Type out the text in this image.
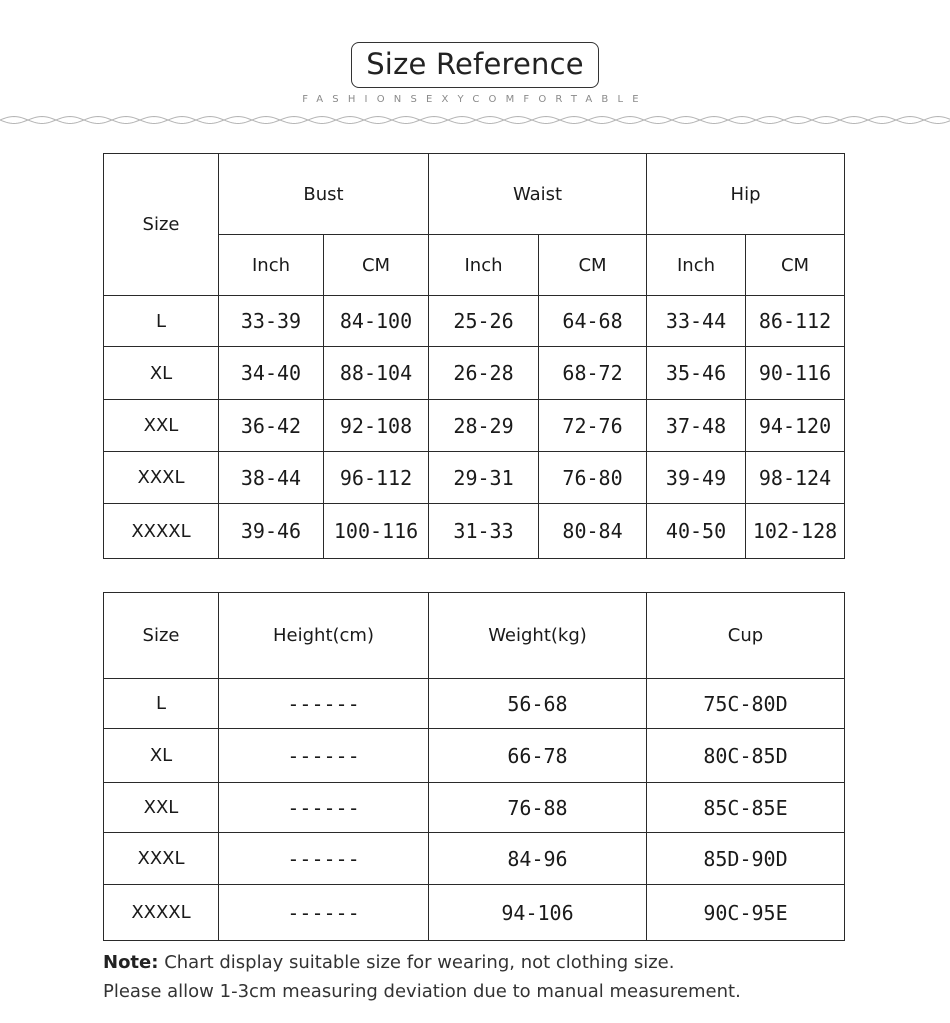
Size Reference
FASHIONSEXYCOMFORTABLE
Size	Bust		Waist		Hip	
	Inch	CM	Inch	CM	Inch	CM
L	33-39	84-100	25-26	64-68	33-44	86-112
XL	34-40	88-104	26-28	68-72	35-46	90-116
XXL	36-42	92-108	28-29	72-76	37-48	94-120
XXXL	38-44	96-112	29-31	76-80	39-49	98-124
XXXXL	39-46	100-116	31-33	80-84	40-50	102-128
Size	Height(cm)	Weight(kg)	Cup
L	------	56-68	75C-80D
XL	------	66-78	80C-85D
XXL	------	76-88	85C-85E
XXXL	------	84-96	85D-90D
XXXXL	------	94-106	90C-95E
Note: Chart display suitable size for wearing, not clothing size.
Please allow 1-3cm measuring deviation due to manual measurement.
